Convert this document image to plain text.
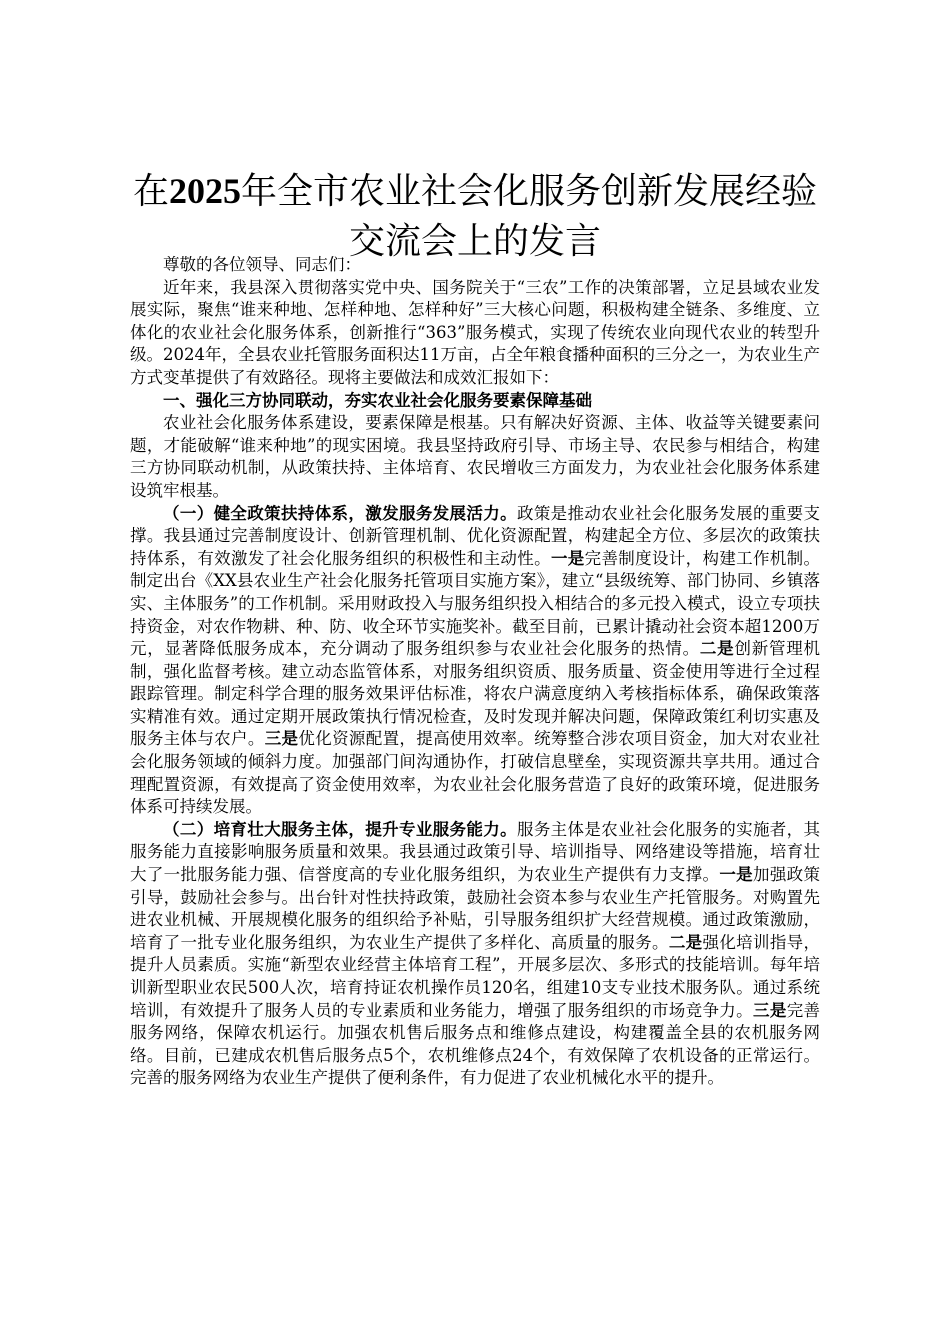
在2025年全市农业社会化服务创新发展经验交流会上的发言

尊敬的各位领导、同志们：

近年来，我县深入贯彻落实党中央、国务院关于“三农”工作的决策部署，立足县域农业发展实际，聚焦“谁来种地、怎样种地、怎样种好”三大核心问题，积极构建全链条、多维度、立体化的农业社会化服务体系，创新推行“363”服务模式，实现了传统农业向现代农业的转型升级。2024年，全县农业托管服务面积达11万亩，占全年粮食播种面积的三分之一，为农业生产方式变革提供了有效路径。现将主要做法和成效汇报如下：

一、强化三方协同联动，夯实农业社会化服务要素保障基础

农业社会化服务体系建设，要素保障是根基。只有解决好资源、主体、收益等关键要素问题，才能破解“谁来种地”的现实困境。我县坚持政府引导、市场主导、农民参与相结合，构建三方协同联动机制，从政策扶持、主体培育、农民增收三方面发力，为农业社会化服务体系建设筑牢根基。

（一）健全政策扶持体系，激发服务发展活力。政策是推动农业社会化服务发展的重要支撑。我县通过完善制度设计、创新管理机制、优化资源配置，构建起全方位、多层次的政策扶持体系，有效激发了社会化服务组织的积极性和主动性。一是完善制度设计，构建工作机制。制定出台《XX县农业生产社会化服务托管项目实施方案》，建立“县级统筹、部门协同、乡镇落实、主体服务”的工作机制。采用财政投入与服务组织投入相结合的多元投入模式，设立专项扶持资金，对农作物耕、种、防、收全环节实施奖补。截至目前，已累计撬动社会资本超1200万元，显著降低服务成本，充分调动了服务组织参与农业社会化服务的热情。二是创新管理机制，强化监督考核。建立动态监管体系，对服务组织资质、服务质量、资金使用等进行全过程跟踪管理。制定科学合理的服务效果评估标准，将农户满意度纳入考核指标体系，确保政策落实精准有效。通过定期开展政策执行情况检查，及时发现并解决问题，保障政策红利切实惠及服务主体与农户。三是优化资源配置，提高使用效率。统筹整合涉农项目资金，加大对农业社会化服务领域的倾斜力度。加强部门间沟通协作，打破信息壁垒，实现资源共享共用。通过合理配置资源，有效提高了资金使用效率，为农业社会化服务营造了良好的政策环境，促进服务体系可持续发展。

（二）培育壮大服务主体，提升专业服务能力。服务主体是农业社会化服务的实施者，其服务能力直接影响服务质量和效果。我县通过政策引导、培训指导、网络建设等措施，培育壮大了一批服务能力强、信誉度高的专业化服务组织，为农业生产提供有力支撑。一是加强政策引导，鼓励社会参与。出台针对性扶持政策，鼓励社会资本参与农业生产托管服务。对购置先进农业机械、开展规模化服务的组织给予补贴，引导服务组织扩大经营规模。通过政策激励，培育了一批专业化服务组织，为农业生产提供了多样化、高质量的服务。二是强化培训指导，提升人员素质。实施“新型农业经营主体培育工程”，开展多层次、多形式的技能培训。每年培训新型职业农民500人次，培育持证农机操作员120名，组建10支专业技术服务队。通过系统培训，有效提升了服务人员的专业素质和业务能力，增强了服务组织的市场竞争力。三是完善服务网络，保障农机运行。加强农机售后服务点和维修点建设，构建覆盖全县的农机服务网络。目前，已建成农机售后服务点5个，农机维修点24个，有效保障了农机设备的正常运行。完善的服务网络为农业生产提供了便利条件，有力促进了农业机械化水平的提升。
